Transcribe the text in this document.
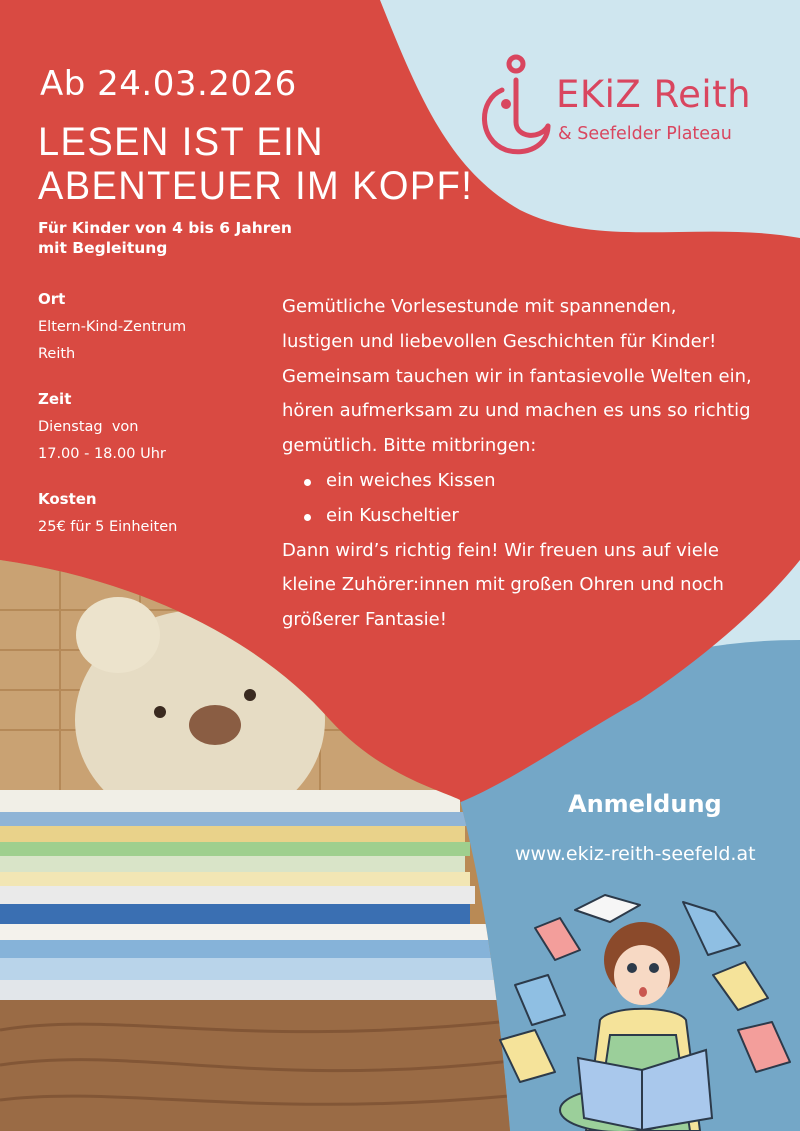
Ab 24.03.2026
LESEN IST EIN
ABENTEUER IM KOPF!
Für Kinder von 4 bis 6 Jahren
mit Begleitung
EKiZ Reith
& Seefelder Plateau
Ort
Eltern-Kind-Zentrum
Reith
Zeit
Dienstag  von
17.00 - 18.00 Uhr
Kosten
25€ für 5 Einheiten
Gemütliche Vorlesestunde mit spannenden, lustigen und liebevollen Geschichten für Kinder! Gemeinsam tauchen wir in fantasievolle Welten ein, hören aufmerksam zu und machen es uns so richtig gemütlich. Bitte mitbringen:
ein weiches Kissen
ein Kuscheltier
Dann wird’s richtig fein! Wir freuen uns auf viele kleine Zuhörer:innen mit großen Ohren und noch größerer Fantasie!
Anmeldung
www.ekiz-reith-seefeld.at
